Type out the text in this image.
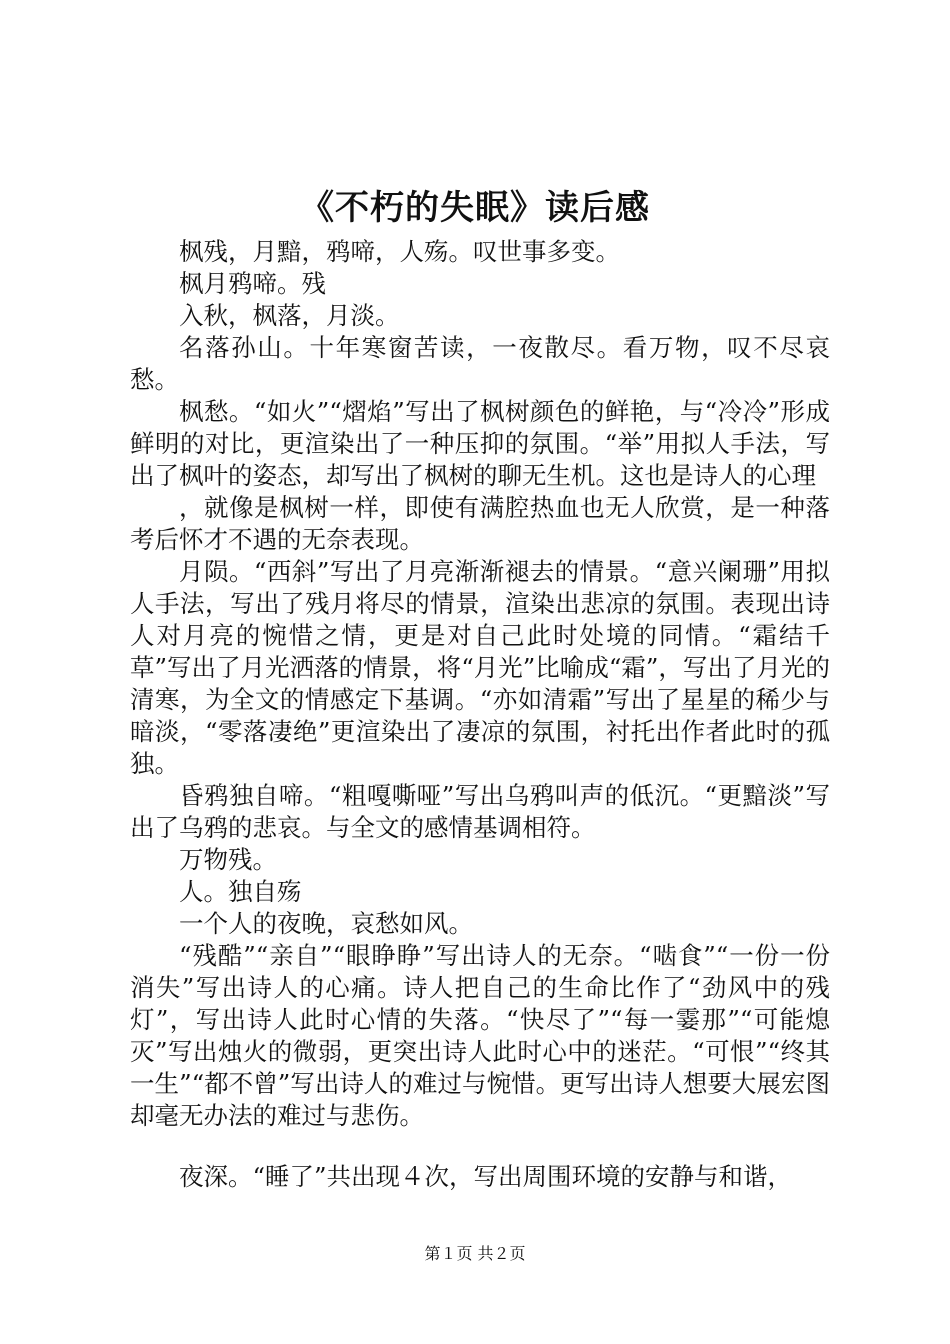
《不朽的失眠》读后感

枫残，月黯，鸦啼，人殇。叹世事多变。

枫月鸦啼。残

入秋，枫落，月淡。

名落孙山。十年寒窗苦读，一夜散尽。看万物，叹不尽哀愁。

枫愁。“如火”“熠焰”写出了枫树颜色的鲜艳，与“冷冷”形成鲜明的对比，更渲染出了一种压抑的氛围。“举”用拟人手法，写出了枫叶的姿态，却写出了枫树的聊无生机。这也是诗人的心理

，就像是枫树一样，即使有满腔热血也无人欣赏，是一种落考后怀才不遇的无奈表现。

月陨。“西斜”写出了月亮渐渐褪去的情景。“意兴阑珊”用拟人手法，写出了残月将尽的情景，渲染出悲凉的氛围。表现出诗人对月亮的惋惜之情，更是对自己此时处境的同情。“霜结千草”写出了月光洒落的情景，将“月光”比喻成“霜”，写出了月光的清寒，为全文的情感定下基调。“亦如清霜”写出了星星的稀少与暗淡，“零落凄绝”更渲染出了凄凉的氛围，衬托出作者此时的孤独。

昏鸦独自啼。“粗嘎嘶哑”写出乌鸦叫声的低沉。“更黯淡”写出了乌鸦的悲哀。与全文的感情基调相符。

万物残。

人。独自殇

一个人的夜晚，哀愁如风。

“残酷”“亲自”“眼睁睁”写出诗人的无奈。“啮食”“一份一份消失”写出诗人的心痛。诗人把自己的生命比作了“劲风中的残灯”，写出诗人此时心情的失落。“快尽了”“每一霎那”“可能熄灭”写出烛火的微弱，更突出诗人此时心中的迷茫。“可恨”“终其一生”“都不曾”写出诗人的难过与惋惜。更写出诗人想要大展宏图却毫无办法的难过与悲伤。

夜深。“睡了”共出现４次，写出周围环境的安静与和谐，

第１页 共２页
